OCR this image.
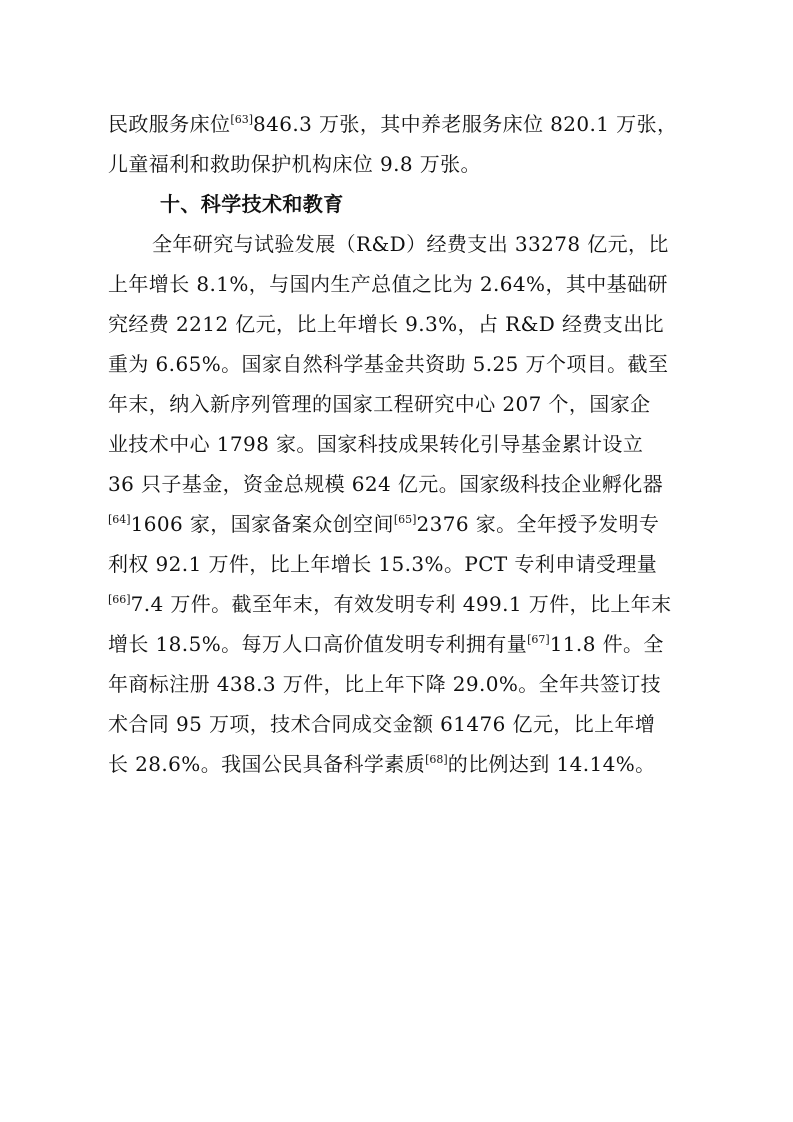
民政服务床位[63]846.3 万张，其中养老服务床位 820.1 万张，
儿童福利和救助保护机构床位 9.8 万张。
十、科学技术和教育
全年研究与试验发展（R&D）经费支出 33278 亿元，比
上年增长 8.1%，与国内生产总值之比为 2.64%，其中基础研
究经费 2212 亿元，比上年增长 9.3%，占 R&D 经费支出比
重为 6.65%。国家自然科学基金共资助 5.25 万个项目。截至
年末，纳入新序列管理的国家工程研究中心 207 个，国家企
业技术中心 1798 家。国家科技成果转化引导基金累计设立
36 只子基金，资金总规模 624 亿元。国家级科技企业孵化器
[64]1606 家，国家备案众创空间[65]2376 家。全年授予发明专
利权 92.1 万件，比上年增长 15.3%。PCT 专利申请受理量
[66]7.4 万件。截至年末，有效发明专利 499.1 万件，比上年末
增长 18.5%。每万人口高价值发明专利拥有量[67]11.8 件。全
年商标注册 438.3 万件，比上年下降 29.0%。全年共签订技
术合同 95 万项，技术合同成交金额 61476 亿元，比上年增
长 28.6%。我国公民具备科学素质[68]的比例达到 14.14%。
